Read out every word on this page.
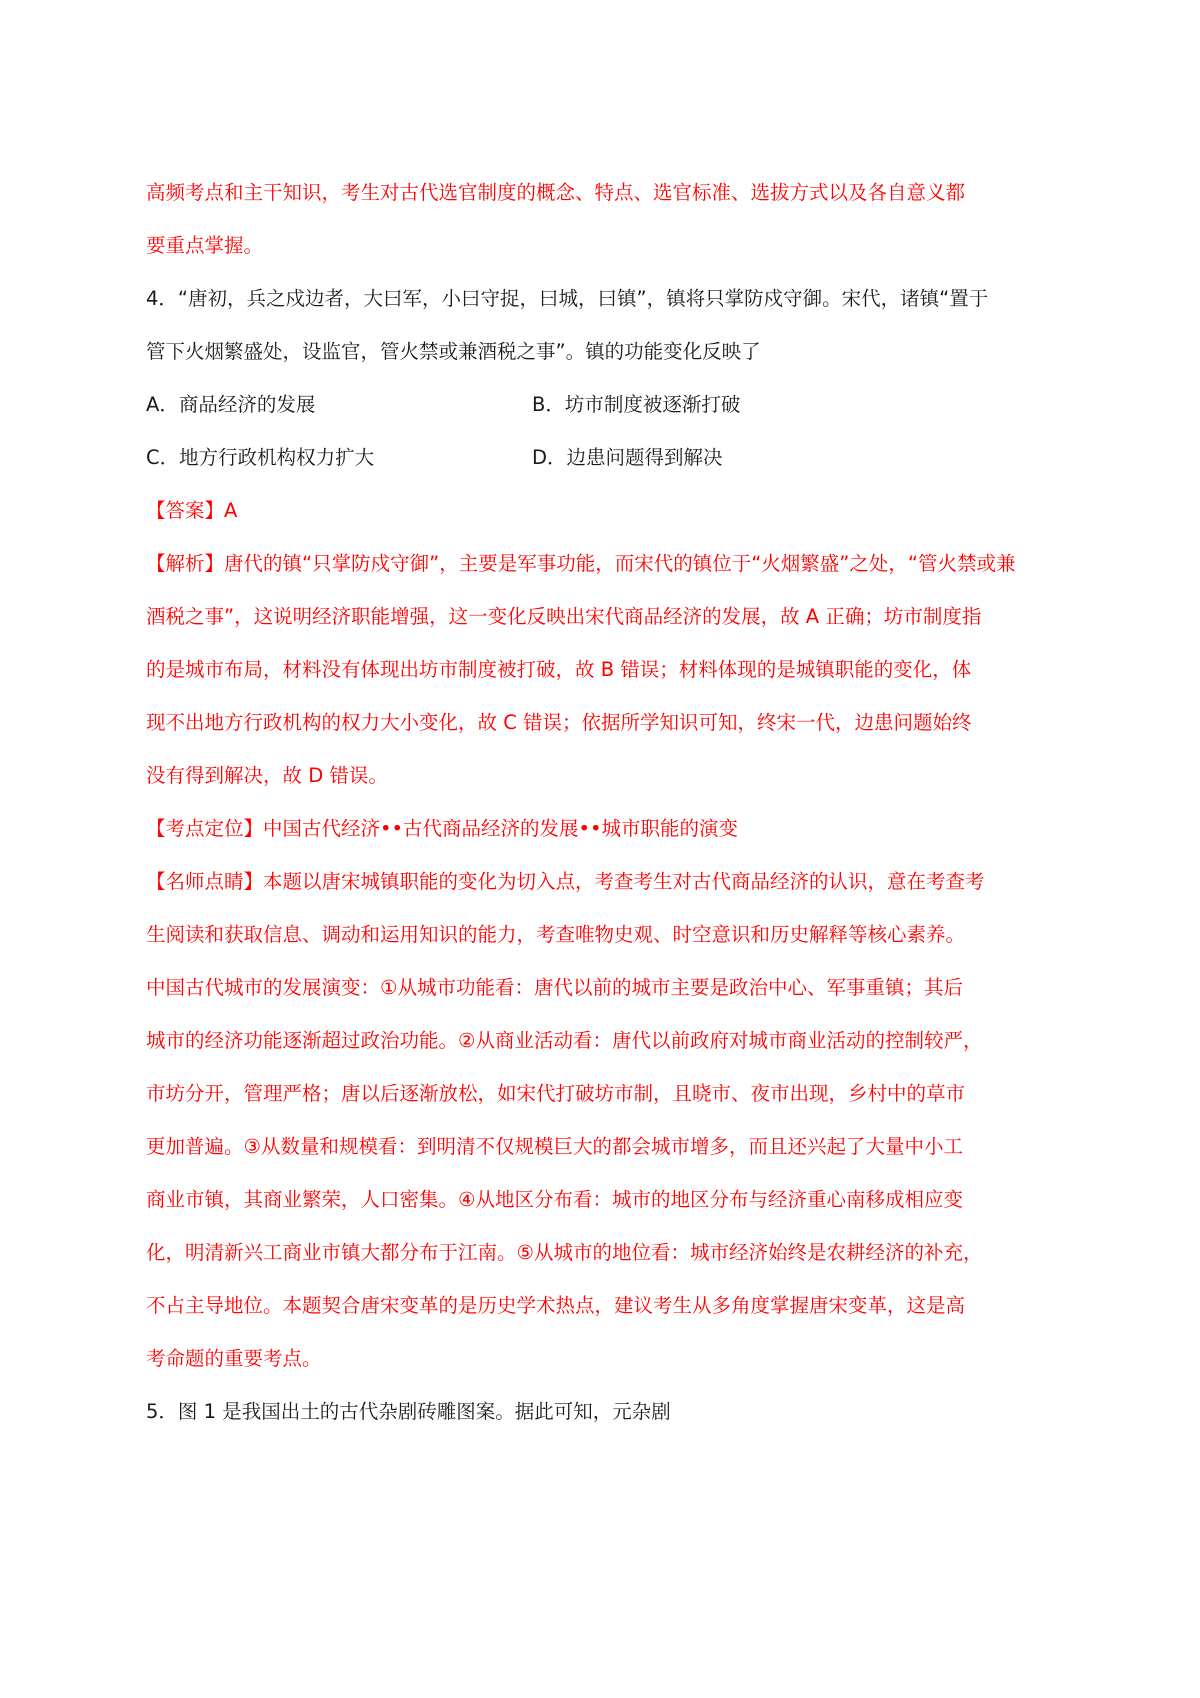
高频考点和主干知识，考生对古代选官制度的概念、特点、选官标准、选拔方式以及各自意义都
要重点掌握。
4．“唐初，兵之戍边者，大曰军，小曰守捉，曰城，曰镇”，镇将只掌防戍守御。宋代，诸镇“置于
管下火烟繁盛处，设监官，管火禁或兼酒税之事”。镇的功能变化反映了
A．商品经济的发展	B．坊市制度被逐渐打破
C．地方行政机构权力扩大	D．边患问题得到解决
【答案】A
【解析】唐代的镇“只掌防戍守御”，主要是军事功能，而宋代的镇位于“火烟繁盛”之处，“管火禁或兼
酒税之事”，这说明经济职能增强，这一变化反映出宋代商品经济的发展，故 A 正确；坊市制度指
的是城市布局，材料没有体现出坊市制度被打破，故 B 错误；材料体现的是城镇职能的变化，体
现不出地方行政机构的权力大小变化，故 C 错误；依据所学知识可知，终宋一代，边患问题始终
没有得到解决，故 D 错误。
【考点定位】中国古代经济••古代商品经济的发展••城市职能的演变
【名师点睛】本题以唐宋城镇职能的变化为切入点，考查考生对古代商品经济的认识，意在考查考
生阅读和获取信息、调动和运用知识的能力，考查唯物史观、时空意识和历史解释等核心素养。
中国古代城市的发展演变：①从城市功能看：唐代以前的城市主要是政治中心、军事重镇；其后
城市的经济功能逐渐超过政治功能。②从商业活动看：唐代以前政府对城市商业活动的控制较严，
市坊分开，管理严格；唐以后逐渐放松，如宋代打破坊市制，且晓市、夜市出现，乡村中的草市
更加普遍。③从数量和规模看：到明清不仅规模巨大的都会城市增多，而且还兴起了大量中小工
商业市镇，其商业繁荣，人口密集。④从地区分布看：城市的地区分布与经济重心南移成相应变
化，明清新兴工商业市镇大都分布于江南。⑤从城市的地位看：城市经济始终是农耕经济的补充，
不占主导地位。本题契合唐宋变革的是历史学术热点，建议考生从多角度掌握唐宋变革，这是高
考命题的重要考点。
5．图 1 是我国出土的古代杂剧砖雕图案。据此可知，元杂剧
